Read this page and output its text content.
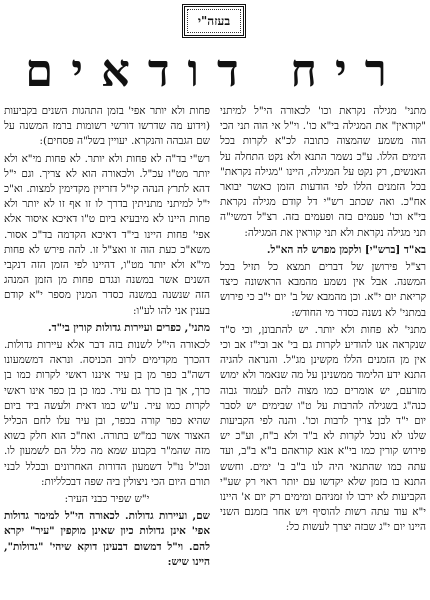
בעזה"י
ריח דודאים

מתני' מגילה נקראת וכו' לכאורה הי"ל למיתני "קוראין" את המגילה בי"א כו'. וי"ל אי הוה תני הכי הוה משמע שהמצוה כתובה לכ"א לקרות בכל הימים הללו. ע"כ נשמר התנא ולא נקט התחלה על האנשים, רק נקט על המגילה, היינו "מגילה נקראת" בכל הזמנים הללו לפי הודעות הזמן כאשר יבואר אח"כ. ואה שכתב רש"י דל קודם מגילה נקראת בי"א וכו' פעמים בזה ופעמים בזה. רצ"ל דמשי"ה תני מגילה נקראת ולא תני קוראין את המגילה:

בא"ד [ברש"י] ולקמן מפרש לה הא"ל.

רצ"ל פירושן של דברים תמצא כל תזיל בכל המשנה. אבל אין נשמע מהמבא הראשונה כיצד קריאת יום י"א. וכן מהמבא של ב' יום י"ב כי פירוש במתני' לא נשנה כסדר מי החודש:

מתני' לא פחות ולא יותר. יש להתבונן, וכי ס"ד שנקראה אנו להודיע לקרות גם בי' אב ובי"ז אב וכי אין מן הזמנים הללו מקשינן מג"ל. והנראה להגיה התנא ידע הלימוד ממשנינן על מה שנאמר ולא ימוש מזרעם, יש אומרים כמו מצוה להם לעמוד גבוה כנה"ג בשגילה להרבות על ט"ו שבימים יש לסבר יום י"ד לכן צריך לרבות וכו'. והנה לפי הקביעות שלנו לא נוכל לקרות לא ב"ד ולא ב"ח, וע"כ יש פירוש קורין כמו בי"א אנא קוראהם ב"א ב"ב, ועד עתה כמו שהתנאי היה לנו ב"ב ב' ימים. וחשש התנא בו בזמן שלא יקדשו עם יותר ראוי רק שע"י הקביעות לא ירבו לו זמניהם ומימים רק יום א' היינו י"א עוד עתה רשות להוסיף ויש אחר בזמנם השני היינו יום י"ג שבזה יצרך לעשות כל:

פחות ולא יותר אפי' בזמן התהגות השנים בקביעות (וידוע מה שדרשו דורשי רשומות ברמז המשנה על שם הגבהה והנקרא. יעויין בשל"ה פסחים):

רש"י בד"ה לא פחות ולא יותר. לא פחות מי"א ולא יותר מט"ו עכ"ל. ולכאורה הוא לא צריך. וגם י"ל דהא לתרץ הנהה קי"ל דזריזין מקדימין למצות. וא"כ י"ל למיתני מתניתין בדרך לו זו אף זו לא יותר ולא פחות היינו לא מיבעיא ביום ט"ו דאיכא איסור אלא אפי' פחות היינו בי"ד דאיכא הקדמה בד"כ אסור. משא"כ כעת הוה זו ואצ"ל זו. להה פירש לא פחות מי"א ולא יותר מט"ו, דהיינו לפי הזמן הזה דנקבי השנים אשר במשנה ונגדם פחות מן הזמן המנהג הזה שנשנה במשנה כסדר המנין מספר י"א קודם בענין אני להו לע"ו:

מתני', כפרים ועיירות גדולות קורין בי"ד.

לכאורה הי"ל לשנות בזה דבר אלא עיירות גדולות. דהכרך מקדימים לרוב הכניסה. ונראה דמשמעונו דשה"ב כפר מן בן עיר איננו ראשי לקרות כמו בן כרך, אך בן כרך גם עיר. כמו כן בן כפר אינו ראשי לקרות כמו עיר. ע"ש כמו דאית ולעשה ביד ביום שהיא כפר קורה בכפר, ובן עיר עלו לחם הכליל האצור אשר כמ"ש בתורה. ואח"כ הוא חלק בשוא מזה שהמ"ר בקבוע שמא מה כלל הם לשמעון לו. ונכ"ל נו"ל דשמעון הדורות האחרונים ובכלל לבני תורם היום הכי ניצולין ביה שפה דבכלליות:

י"ש שפיר כבני העיר:

שם, ועיירות גדולות. לכאורה הי"ל למימר גדולות אפי' אינן גדולות כיון שאינן מוקפין "עיר" יקרא להם. וי"ל דמשום דבעינן דוקא שיהי' "גדולות", היינו שיש:
